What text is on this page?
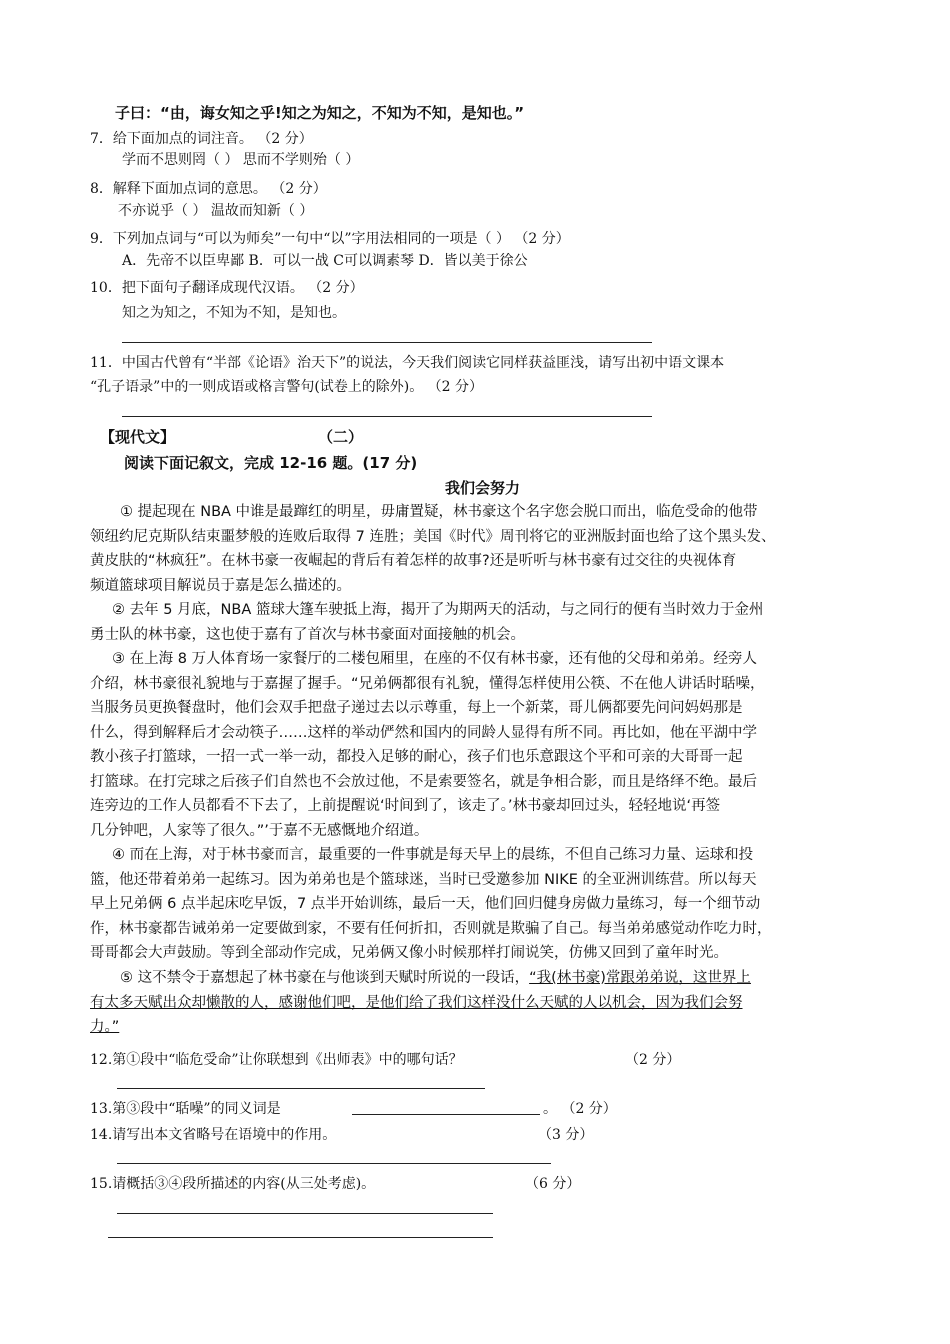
子曰：“由，诲女知之乎!知之为知之，不知为不知，是知也。”
7．给下面加点的词注音。 （2 分）
学而不思则罔（ ） 思而不学则殆（ ）
8．解释下面加点词的意思。 （2 分）
不亦说乎（ ） 温故而知新（ ）
9．下列加点词与“可以为师矣”一句中“以”字用法相同的一项是（ ） （2 分）
A．先帝不以臣卑鄙 B．可以一战 C可以调素琴 D．皆以美于徐公
10．把下面句子翻译成现代汉语。 （2 分）
知之为知之，不知为不知，是知也。
11．中国古代曾有“半部《论语》治天下”的说法，今天我们阅读它同样获益匪浅，请写出初中语文课本
“孔子语录”中的一则成语或格言警句(试卷上的除外)。 （2 分）
【现代文】	（二）
阅读下面记叙文，完成 12-16 题。(17 分)
我们会努力
① 提起现在 NBA 中谁是最蹿红的明星，毋庸置疑，林书豪这个名字您会脱口而出，临危受命的他带
领纽约尼克斯队结束噩梦般的连败后取得 7 连胜；美国《时代》周刊将它的亚洲版封面也给了这个黑头发、
黄皮肤的“林疯狂”。在林书豪一夜崛起的背后有着怎样的故事?还是听听与林书豪有过交往的央视体育
频道篮球项目解说员于嘉是怎么描述的。
② 去年 5 月底，NBA 篮球大篷车驶抵上海，揭开了为期两天的活动，与之同行的便有当时效力于金州
勇士队的林书豪，这也使于嘉有了首次与林书豪面对面接触的机会。
③ 在上海 8 万人体育场一家餐厅的二楼包厢里，在座的不仅有林书豪，还有他的父母和弟弟。经旁人
介绍，林书豪很礼貌地与于嘉握了握手。“兄弟俩都很有礼貌，懂得怎样使用公筷、不在他人讲话时聒噪，
当服务员更换餐盘时，他们会双手把盘子递过去以示尊重，每上一个新菜，哥儿俩都要先问问妈妈那是
什么，得到解释后才会动筷子……这样的举动俨然和国内的同龄人显得有所不同。再比如，他在平湖中学
教小孩子打篮球，一招一式一举一动，都投入足够的耐心，孩子们也乐意跟这个平和可亲的大哥哥一起
打篮球。在打完球之后孩子们自然也不会放过他，不是索要签名，就是争相合影，而且是络绎不绝。最后
连旁边的工作人员都看不下去了，上前提醒说‘时间到了，该走了。’林书豪却回过头，轻轻地说‘再签
几分钟吧，人家等了很久。”’于嘉不无感慨地介绍道。
④ 而在上海，对于林书豪而言，最重要的一件事就是每天早上的晨练，不但自己练习力量、运球和投
篮，他还带着弟弟一起练习。因为弟弟也是个篮球迷，当时已受邀参加 NIKE 的全亚洲训练营。所以每天
早上兄弟俩 6 点半起床吃早饭，7 点半开始训练，最后一天，他们回归健身房做力量练习，每一个细节动
作，林书豪都告诫弟弟一定要做到家，不要有任何折扣，否则就是欺骗了自己。每当弟弟感觉动作吃力时，
哥哥都会大声鼓励。等到全部动作完成，兄弟俩又像小时候那样打闹说笑，仿佛又回到了童年时光。
⑤ 这不禁令于嘉想起了林书豪在与他谈到天赋时所说的一段话，“我(林书豪)常跟弟弟说，这世界上
有太多天赋出众却懒散的人，感谢他们吧，是他们给了我们这样没什么天赋的人以机会，因为我们会努
力。”
12.第①段中“临危受命”让你联想到《出师表》中的哪句话？	（2 分）
13.第③段中“聒噪”的同义词是	。 （2 分）
14.请写出本文省略号在语境中的作用。	（3 分）
15.请概括③④段所描述的内容(从三处考虑)。	（6 分）
